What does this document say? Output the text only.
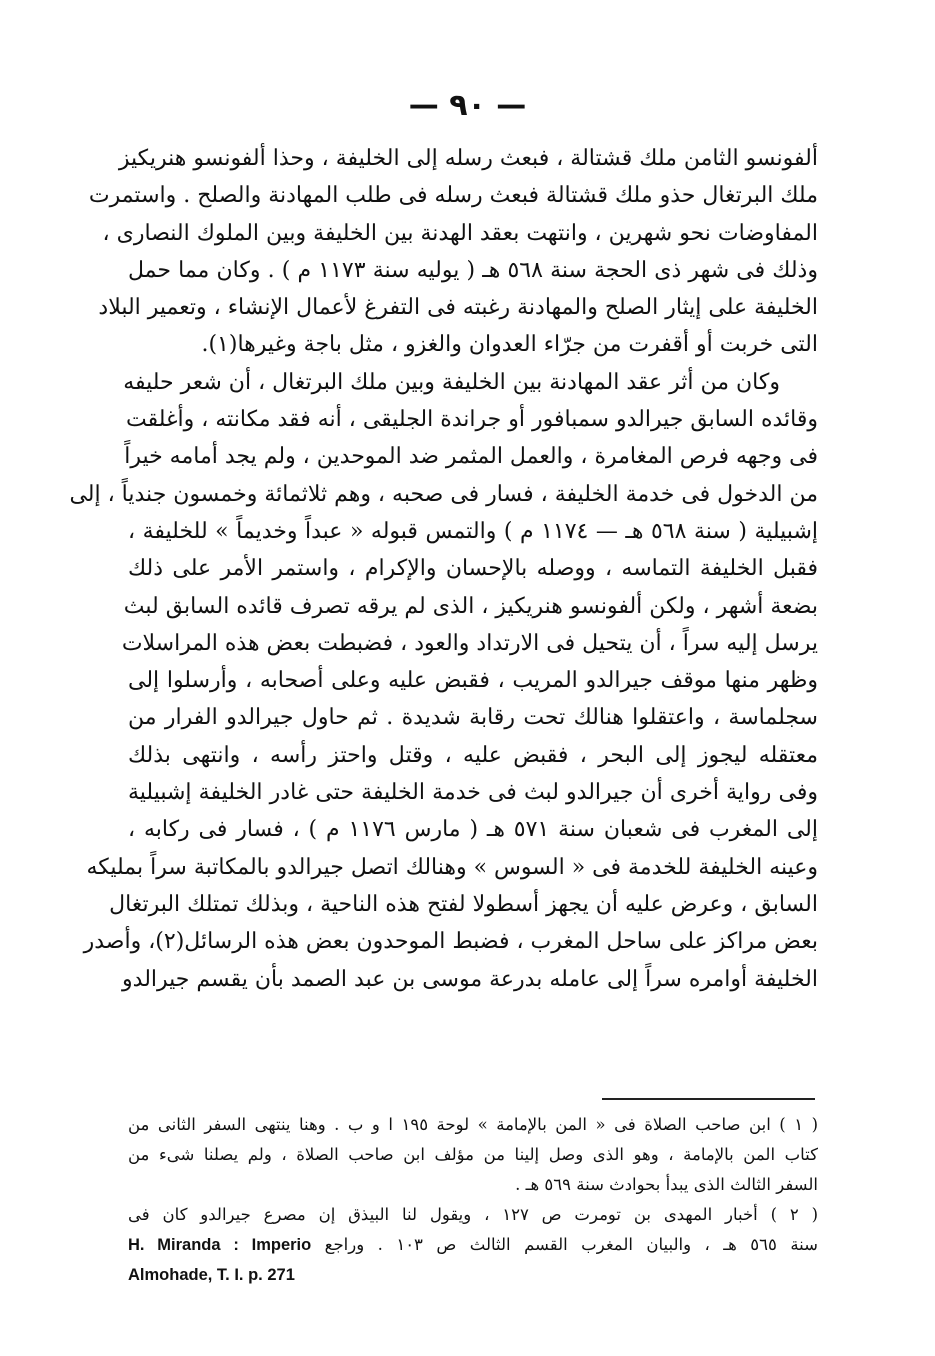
— ٩٠ —
ألفونسو الثامن ملك قشتالة ، فبعث رسله إلى الخليفة ، وحذا ألفونسو هنريكيز
ملك البرتغال حذو ملك قشتالة فبعث رسله فى طلب المهادنة والصلح . واستمرت
المفاوضات نحو شهرين ، وانتهت بعقد الهدنة بين الخليفة وبين الملوك النصارى ،
وذلك فى شهر ذى الحجة سنة ٥٦٨ هـ ( يوليه سنة ١١٧٣ م ) . وكان مما حمل
الخليفة على إيثار الصلح والمهادنة رغبته فى التفرغ لأعمال الإنشاء ، وتعمير البلاد
التى خربت أو أقفرت من جرّاء العدوان والغزو ، مثل باجة وغيرها(١).
وكان من أثر عقد المهادنة بين الخليفة وبين ملك البرتغال ، أن شعر حليفه
وقائده السابق جيرالدو سمبافور أو جراندة الجليقى ، أنه فقد مكانته ، وأغلقت
فى وجهه فرص المغامرة ، والعمل المثمر ضد الموحدين ، ولم يجد أمامه خيراً
من الدخول فى خدمة الخليفة ، فسار فى صحبه ، وهم ثلاثمائة وخمسون جندياً ، إلى
إشبيلية ( سنة ٥٦٨ هـ — ١١٧٤ م ) والتمس قبوله « عبداً وخديماً » للخليفة ،
فقبل الخليفة التماسه ، ووصله بالإحسان والإكرام ، واستمر الأمر على ذلك
بضعة أشهر ، ولكن ألفونسو هنريكيز ، الذى لم يرقه تصرف قائده السابق لبث
يرسل إليه سراً ، أن يتحيل فى الارتداد والعود ، فضبطت بعض هذه المراسلات
وظهر منها موقف جيرالدو المريب ، فقبض عليه وعلى أصحابه ، وأرسلوا إلى
سجلماسة ، واعتقلوا هنالك تحت رقابة شديدة . ثم حاول جيرالدو الفرار من
معتقله ليجوز إلى البحر ، فقبض عليه ، وقتل واحتز رأسه ، وانتهى بذلك
وفى رواية أخرى أن جيرالدو لبث فى خدمة الخليفة حتى غادر الخليفة إشبيلية
إلى المغرب فى شعبان سنة ٥٧١ هـ ( مارس ١١٧٦ م ) ، فسار فى ركابه ،
وعينه الخليفة للخدمة فى « السوس » وهنالك اتصل جيرالدو بالمكاتبة سراً بمليكه
السابق ، وعرض عليه أن يجهز أسطولا لفتح هذه الناحية ، وبذلك تمتلك البرتغال
بعض مراكز على ساحل المغرب ، فضبط الموحدون بعض هذه الرسائل(٢)، وأصدر
الخليفة أوامره سراً إلى عامله بدرعة موسى بن عبد الصمد بأن يقسم جيرالدو
( ١ ) ابن صاحب الصلاة فى « المن بالإمامة » لوحة ١٩٥ ا و ب . وهنا ينتهى السفر الثانى من
كتاب المن بالإمامة ، وهو الذى وصل إلينا من مؤلف ابن صاحب الصلاة ، ولم يصلنا شىء من
السفر الثالث الذى يبدأ بحوادث سنة ٥٦٩ هـ .
( ٢ ) أخبار المهدى بن تومرت ص ١٢٧ ، ويقول لنا البيذق إن مصرع جيرالدو كان فى
سنة ٥٦٥ هـ ، والبيان المغرب القسم الثالث ص ١٠٣ . وراجع H. Miranda : Imperio
Almohade, T. I. p. 271
